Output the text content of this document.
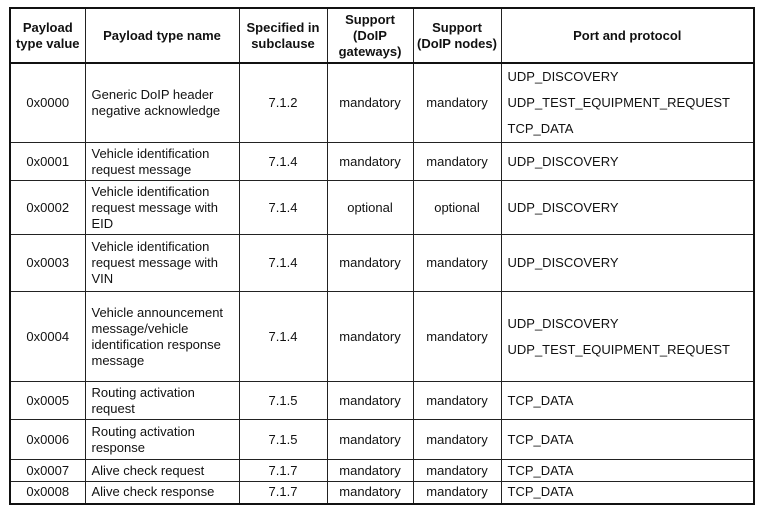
Payload type value	Payload type name	Specified in subclause	Support (DoIP gateways)	Support (DoIP nodes)	Port and protocol
0x0000	Generic DoIP header negative acknowledge	7.1.2	mandatory	mandatory	UDP_DISCOVERY
UDP_TEST_EQUIPMENT_REQUEST
TCP_DATA

0x0001	Vehicle identification request message	7.1.4	mandatory	mandatory	UDP_DISCOVERY

0x0002	Vehicle identification request message with EID	7.1.4	optional	optional	UDP_DISCOVERY

0x0003	Vehicle identification request message with VIN	7.1.4	mandatory	mandatory	UDP_DISCOVERY

0x0004	Vehicle announcement message/vehicle identification response message	7.1.4	mandatory	mandatory	UDP_DISCOVERY
UDP_TEST_EQUIPMENT_REQUEST

0x0005	Routing activation request	7.1.5	mandatory	mandatory	TCP_DATA

0x0006	Routing activation response	7.1.5	mandatory	mandatory	TCP_DATA

0x0007	Alive check request	7.1.7	mandatory	mandatory	TCP_DATA

0x0008	Alive check response	7.1.7	mandatory	mandatory	TCP_DATA
